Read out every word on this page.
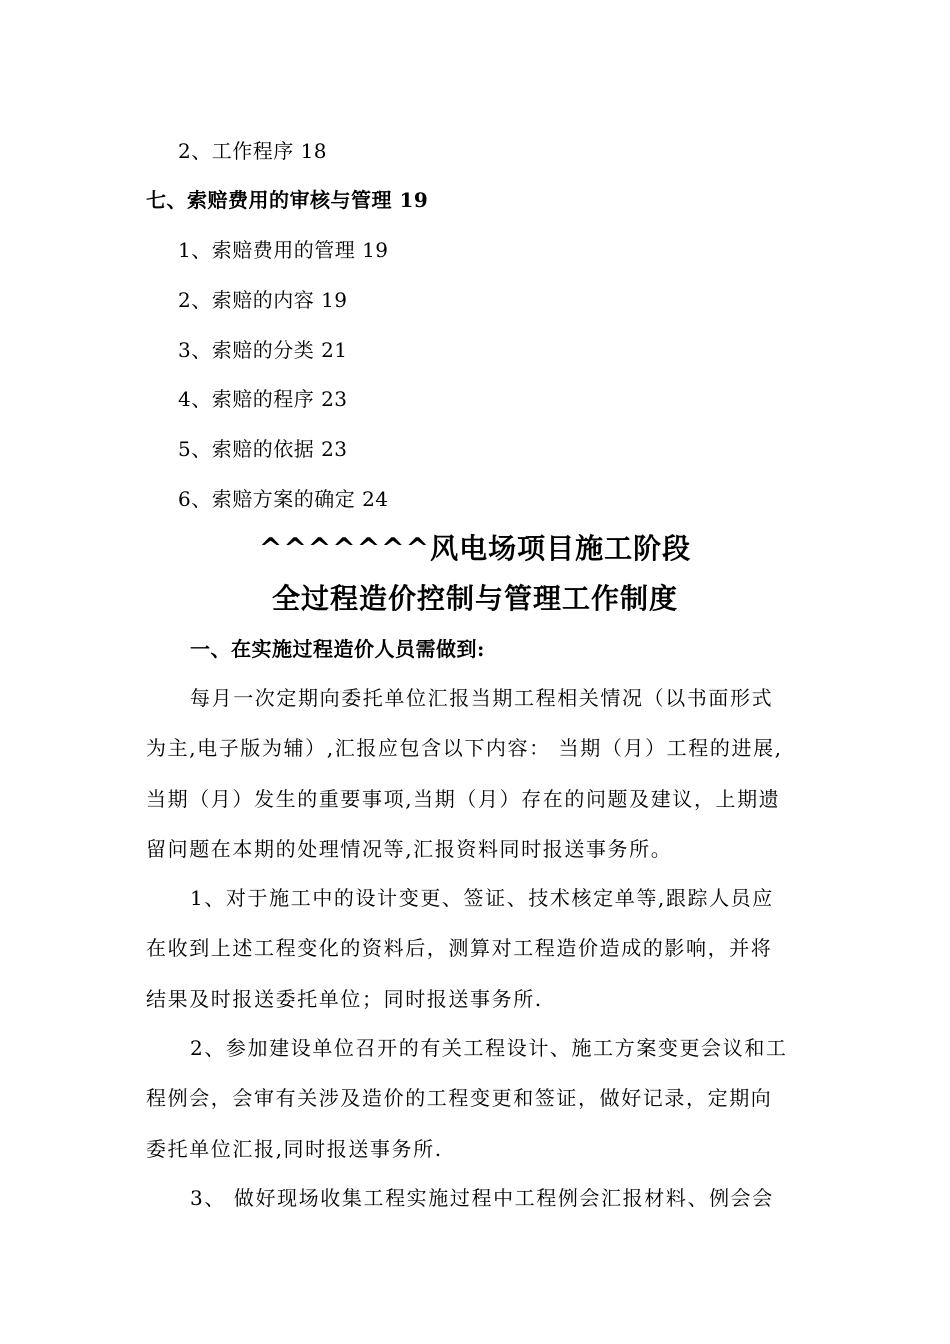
2、工作程序 18
七、索赔费用的审核与管理 19
1、索赔费用的管理 19
2、索赔的内容 19
3、索赔的分类 21
4、索赔的程序 23
5、索赔的依据 23
6、索赔方案的确定 24
^^^^^^^风电场项目施工阶段
全过程造价控制与管理工作制度
一、在实施过程造价人员需做到:
每月一次定期向委托单位汇报当期工程相关情况（以书面形式
为主,电子版为辅）,汇报应包含以下内容： 当期（月）工程的进展,
当期（月）发生的重要事项,当期（月）存在的问题及建议，上期遗
留问题在本期的处理情况等,汇报资料同时报送事务所。
1、对于施工中的设计变更、签证、技术核定单等,跟踪人员应
在收到上述工程变化的资料后，测算对工程造价造成的影响，并将
结果及时报送委托单位；同时报送事务所.
2、参加建设单位召开的有关工程设计、施工方案变更会议和工
程例会，会审有关涉及造价的工程变更和签证，做好记录，定期向
委托单位汇报,同时报送事务所.
3、 做好现场收集工程实施过程中工程例会汇报材料、例会会
